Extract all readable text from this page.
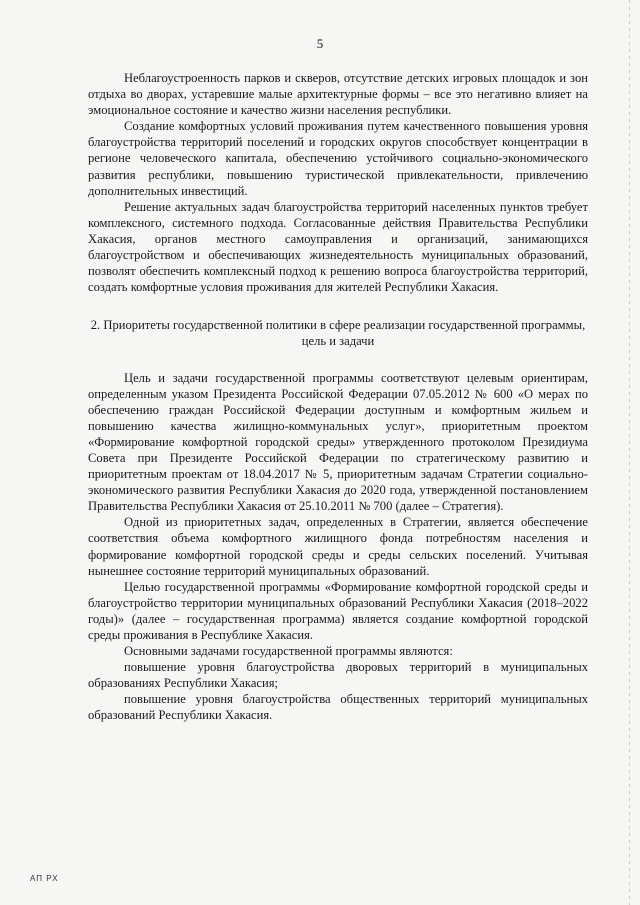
5

Неблагоустроенность парков и скверов, отсутствие детских игровых площадок и зон отдыха во дворах, устаревшие малые архитектурные формы – все это негативно влияет на эмоциональное состояние и качество жизни населения республики.

Создание комфортных условий проживания путем качественного повышения уровня благоустройства территорий поселений и городских округов способствует концентрации в регионе человеческого капитала, обеспечению устойчивого социально-экономического развития республики, повышению туристической привлекательности, привлечению дополнительных инвестиций.

Решение актуальных задач благоустройства территорий населенных пунктов требует комплексного, системного подхода. Согласованные действия Правительства Республики Хакасия, органов местного самоуправления и организаций, занимающихся благоустройством и обеспечивающих жизнедеятельность муниципальных образований, позволят обеспечить комплексный подход к решению вопроса благоустройства территорий, создать комфортные условия проживания для жителей Республики Хакасия.

2. Приоритеты государственной политики в сфере реализации государственной программы, цель и задачи

Цель и задачи государственной программы соответствуют целевым ориентирам, определенным указом Президента Российской Федерации 07.05.2012 № 600 «О мерах по обеспечению граждан Российской Федерации доступным и комфортным жильем и повышению качества жилищно-коммунальных услуг», приоритетным проектом «Формирование комфортной городской среды» утвержденного протоколом Президиума Совета при Президенте Российской Федерации по стратегическому развитию и приоритетным проектам от 18.04.2017 № 5, приоритетным задачам Стратегии социально-экономического развития Республики Хакасия до 2020 года, утвержденной постановлением Правительства Республики Хакасия от 25.10.2011 № 700 (далее – Стратегия).

Одной из приоритетных задач, определенных в Стратегии, является обеспечение соответствия объема комфортного жилищного фонда потребностям населения и формирование комфортной городской среды и среды сельских поселений. Учитывая нынешнее состояние территорий муниципальных образований.

Целью государственной программы «Формирование комфортной городской среды и благоустройство территории муниципальных образований Республики Хакасия (2018–2022 годы)» (далее – государственная программа) является создание комфортной городской среды проживания в Республике Хакасия.

Основными задачами государственной программы являются:

повышение уровня благоустройства дворовых территорий в муниципальных образованиях Республики Хакасия;

повышение уровня благоустройства общественных территорий муниципальных образований Республики Хакасия.

АП РХ
